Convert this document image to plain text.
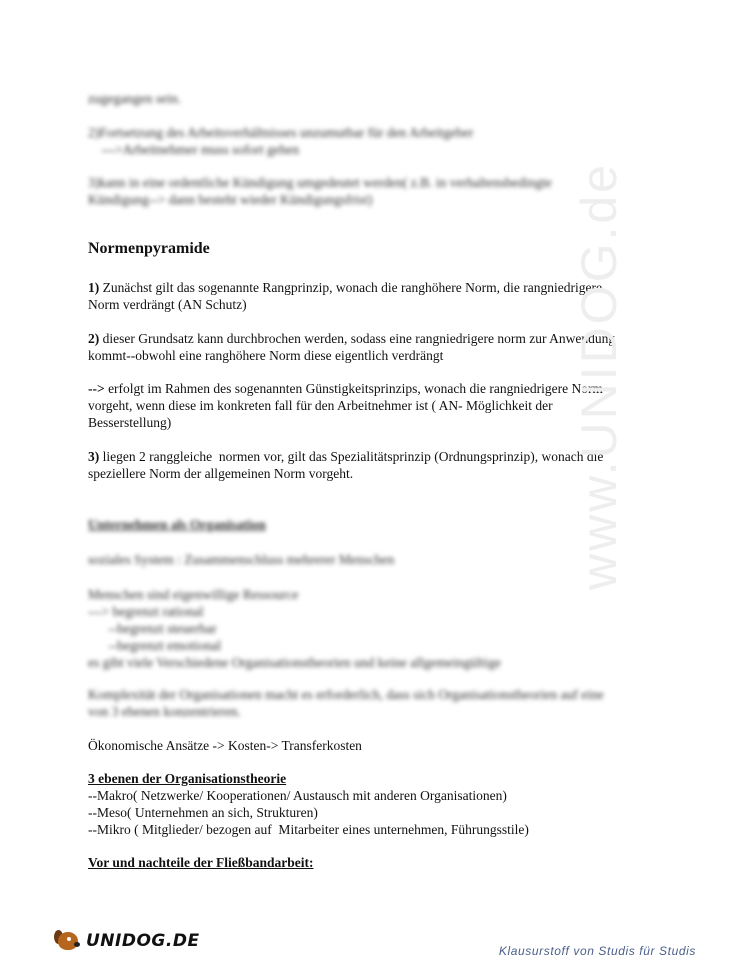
zugegangen sein.

2)Fortsetzung des Arbeitsverhältnisses unzumutbar für den Arbeitgeber
--->Arbeitnehmer muss sofort gehen

3)kann in eine ordentliche Kündigung umgedeutet werden( z.B. in verhaltensbedingte
Kündigung--> dann besteht wieder Kündigungsfrist)

Normenpyramide

1) Zunächst gilt das sogenannte Rangprinzip, wonach die ranghöhere Norm, die rangniedrigere
Norm verdrängt (AN Schutz)

2) dieser Grundsatz kann durchbrochen werden, sodass eine rangniedrigere norm zur Anwendung
kommt--obwohl eine ranghöhere Norm diese eigentlich verdrängt

--> erfolgt im Rahmen des sogenannten Günstigkeitsprinzips, wonach die rangniedrigere Norm
vorgeht, wenn diese im konkreten fall für den Arbeitnehmer ist ( AN- Möglichkeit der
Besserstellung)

3) liegen 2 ranggleiche  normen vor, gilt das Spezialitätsprinzip (Ordnungsprinzip), wonach die
speziellere Norm der allgemeinen Norm vorgeht.

Unternehmen als Organisation

soziales System : Zusammenschluss mehrerer Menschen

Menschen sind eigenwillige Ressource
---> begrenzt rational
--begrenzt steuerbar
--begrenzt emotional
es gibt viele Verschiedene Organisationstheorien und keine allgemeingültige

Komplexität der Organisationen macht es erforderlich, dass sich Organisationstheorien auf eine
von 3 ebenen konzentrieren.

Ökonomische Ansätze -> Kosten-> Transferkosten

3 ebenen der Organisationstheorie

--Makro( Netzwerke/ Kooperationen/ Austausch mit anderen Organisationen)

--Meso( Unternehmen an sich, Strukturen)

--Mikro ( Mitglieder/ bezogen auf  Mitarbeiter eines unternehmen, Führungsstile)

Vor und nachteile der Fließbandarbeit:

www.UNIDOG.de
UNIDOG.DE	Klausurstoff von Studis für Studis
